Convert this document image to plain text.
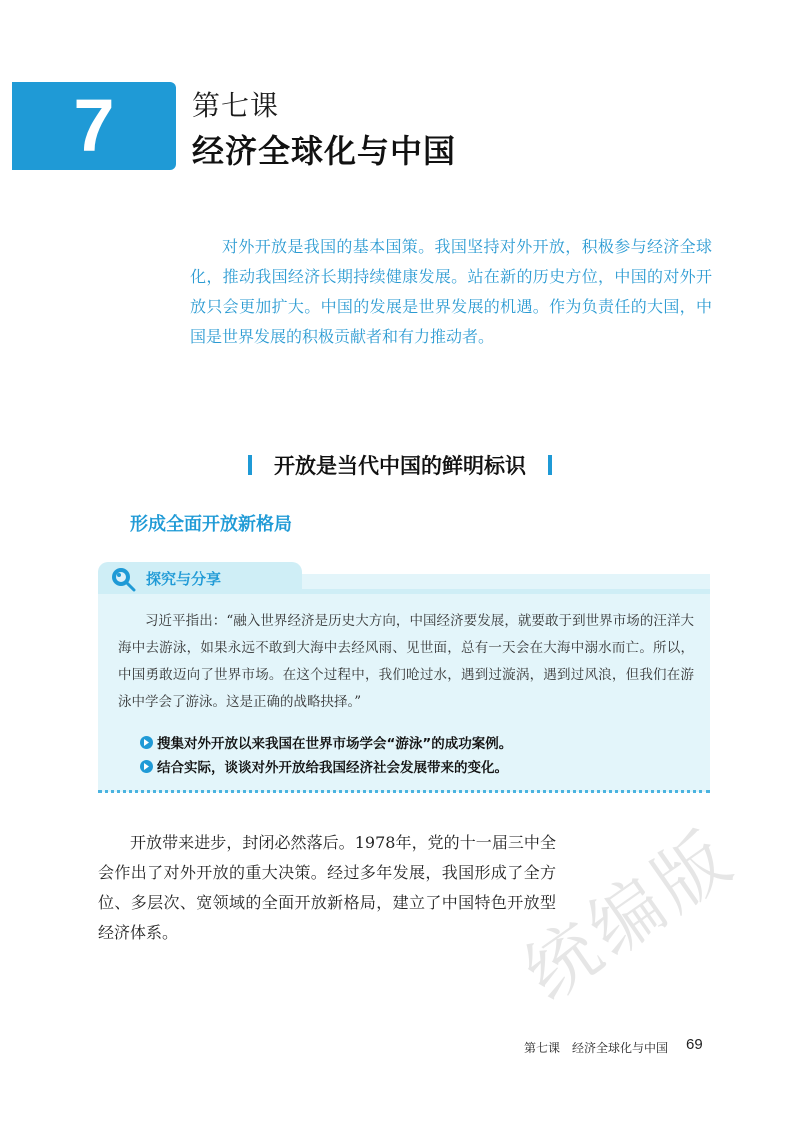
7	第七课
经济全球化与中国
对外开放是我国的基本国策。我国坚持对外开放，积极参与经济全球化，推动我国经济长期持续健康发展。站在新的历史方位，中国的对外开放只会更加扩大。中国的发展是世界发展的机遇。作为负责任的大国，中国是世界发展的积极贡献者和有力推动者。
开放是当代中国的鲜明标识
形成全面开放新格局
探究与分享
习近平指出：“融入世界经济是历史大方向，中国经济要发展，就要敢于到世界市场的汪洋大海中去游泳，如果永远不敢到大海中去经风雨、见世面，总有一天会在大海中溺水而亡。所以，中国勇敢迈向了世界市场。在这个过程中，我们呛过水，遇到过漩涡，遇到过风浪，但我们在游泳中学会了游泳。这是正确的战略抉择。”
搜集对外开放以来我国在世界市场学会“游泳”的成功案例。
结合实际，谈谈对外开放给我国经济社会发展带来的变化。
开放带来进步，封闭必然落后。1978年，党的十一届三中全会作出了对外开放的重大决策。经过多年发展，我国形成了全方位、多层次、宽领域的全面开放新格局，建立了中国特色开放型经济体系。	统编版
第七课　经济全球化与中国 69
